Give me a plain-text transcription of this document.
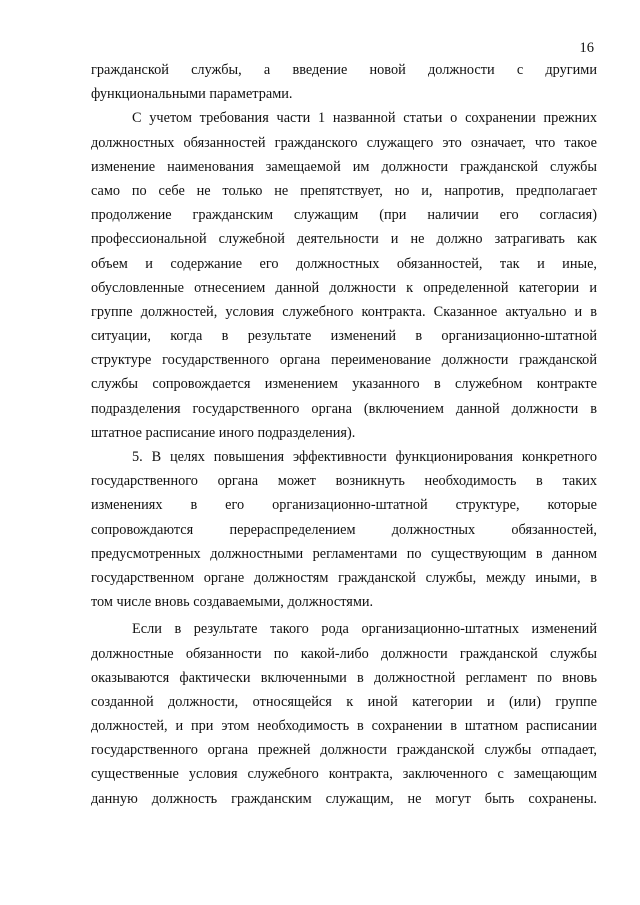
16
гражданской службы, а введение новой должности с другими
функциональными параметрами.
С учетом требования части 1 названной статьи о сохранении прежних
должностных обязанностей гражданского служащего это означает, что такое
изменение наименования замещаемой им должности гражданской службы
само по себе не только не препятствует, но и, напротив, предполагает
продолжение гражданским служащим (при наличии его согласия)
профессиональной служебной деятельности и не должно затрагивать как
объем и содержание его должностных обязанностей, так и иные,
обусловленные отнесением данной должности к определенной категории и
группе должностей, условия служебного контракта. Сказанное актуально и в
ситуации, когда в результате изменений в организационно-штатной
структуре государственного органа переименование должности гражданской
службы сопровождается изменением указанного в служебном контракте
подразделения государственного органа (включением данной должности в
штатное расписание иного подразделения).
5. В целях повышения эффективности функционирования конкретного
государственного органа может возникнуть необходимость в таких
изменениях в его организационно-штатной структуре, которые
сопровождаются перераспределением должностных обязанностей,
предусмотренных должностными регламентами по существующим в данном
государственном органе должностям гражданской службы, между иными, в
том числе вновь создаваемыми, должностями.
Если в результате такого рода организационно-штатных изменений
должностные обязанности по какой-либо должности гражданской службы
оказываются фактически включенными в должностной регламент по вновь
созданной должности, относящейся к иной категории и (или) группе
должностей, и при этом необходимость в сохранении в штатном расписании
государственного органа прежней должности гражданской службы отпадает,
существенные условия служебного контракта, заключенного с замещающим
данную должность гражданским служащим, не могут быть сохранены.
